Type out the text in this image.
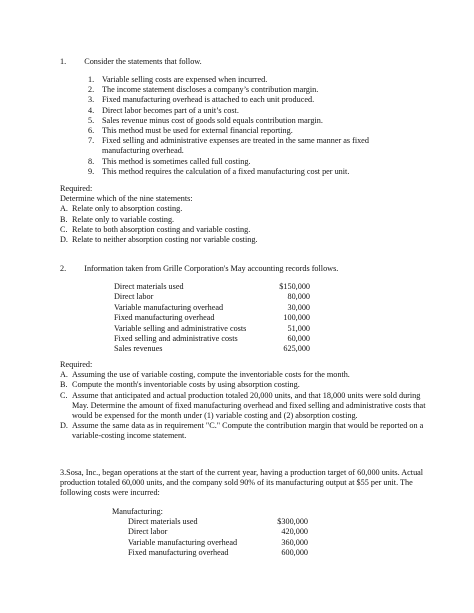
1. Consider the statements that follow.
1. Variable selling costs are expensed when incurred.
2. The income statement discloses a company’s contribution margin.
3. Fixed manufacturing overhead is attached to each unit produced.
4. Direct labor becomes part of a unit’s cost.
5. Sales revenue minus cost of goods sold equals contribution margin.
6. This method must be used for external financial reporting.
7. Fixed selling and administrative expenses are treated in the same manner as fixed manufacturing overhead.
8. This method is sometimes called full costing.
9. This method requires the calculation of a fixed manufacturing cost per unit.
Required:
Determine which of the nine statements:
A. Relate only to absorption costing.
B. Relate only to variable costing.
C. Relate to both absorption costing and variable costing.
D. Relate to neither absorption costing nor variable costing.
2. Information taken from Grille Corporation's May accounting records follows.
Direct materials used	$150,000
Direct labor	80,000
Variable manufacturing overhead	30,000
Fixed manufacturing overhead	100,000
Variable selling and administrative costs	51,000
Fixed selling and administrative costs	60,000
Sales revenues	625,000
Required:
A. Assuming the use of variable costing, compute the inventoriable costs for the month.
B. Compute the month's inventoriable costs by using absorption costing.
C. Assume that anticipated and actual production totaled 20,000 units, and that 18,000 units were sold during May. Determine the amount of fixed manufacturing overhead and fixed selling and administrative costs that would be expensed for the month under (1) variable costing and (2) absorption costing.
D. Assume the same data as in requirement "C." Compute the contribution margin that would be reported on a variable-costing income statement.
3.Sosa, Inc., began operations at the start of the current year, having a production target of 60,000 units. Actual production totaled 60,000 units, and the company sold 90% of its manufacturing output at $55 per unit. The following costs were incurred:
Manufacturing:
Direct materials used	$300,000
Direct labor	420,000
Variable manufacturing overhead	360,000
Fixed manufacturing overhead	600,000
